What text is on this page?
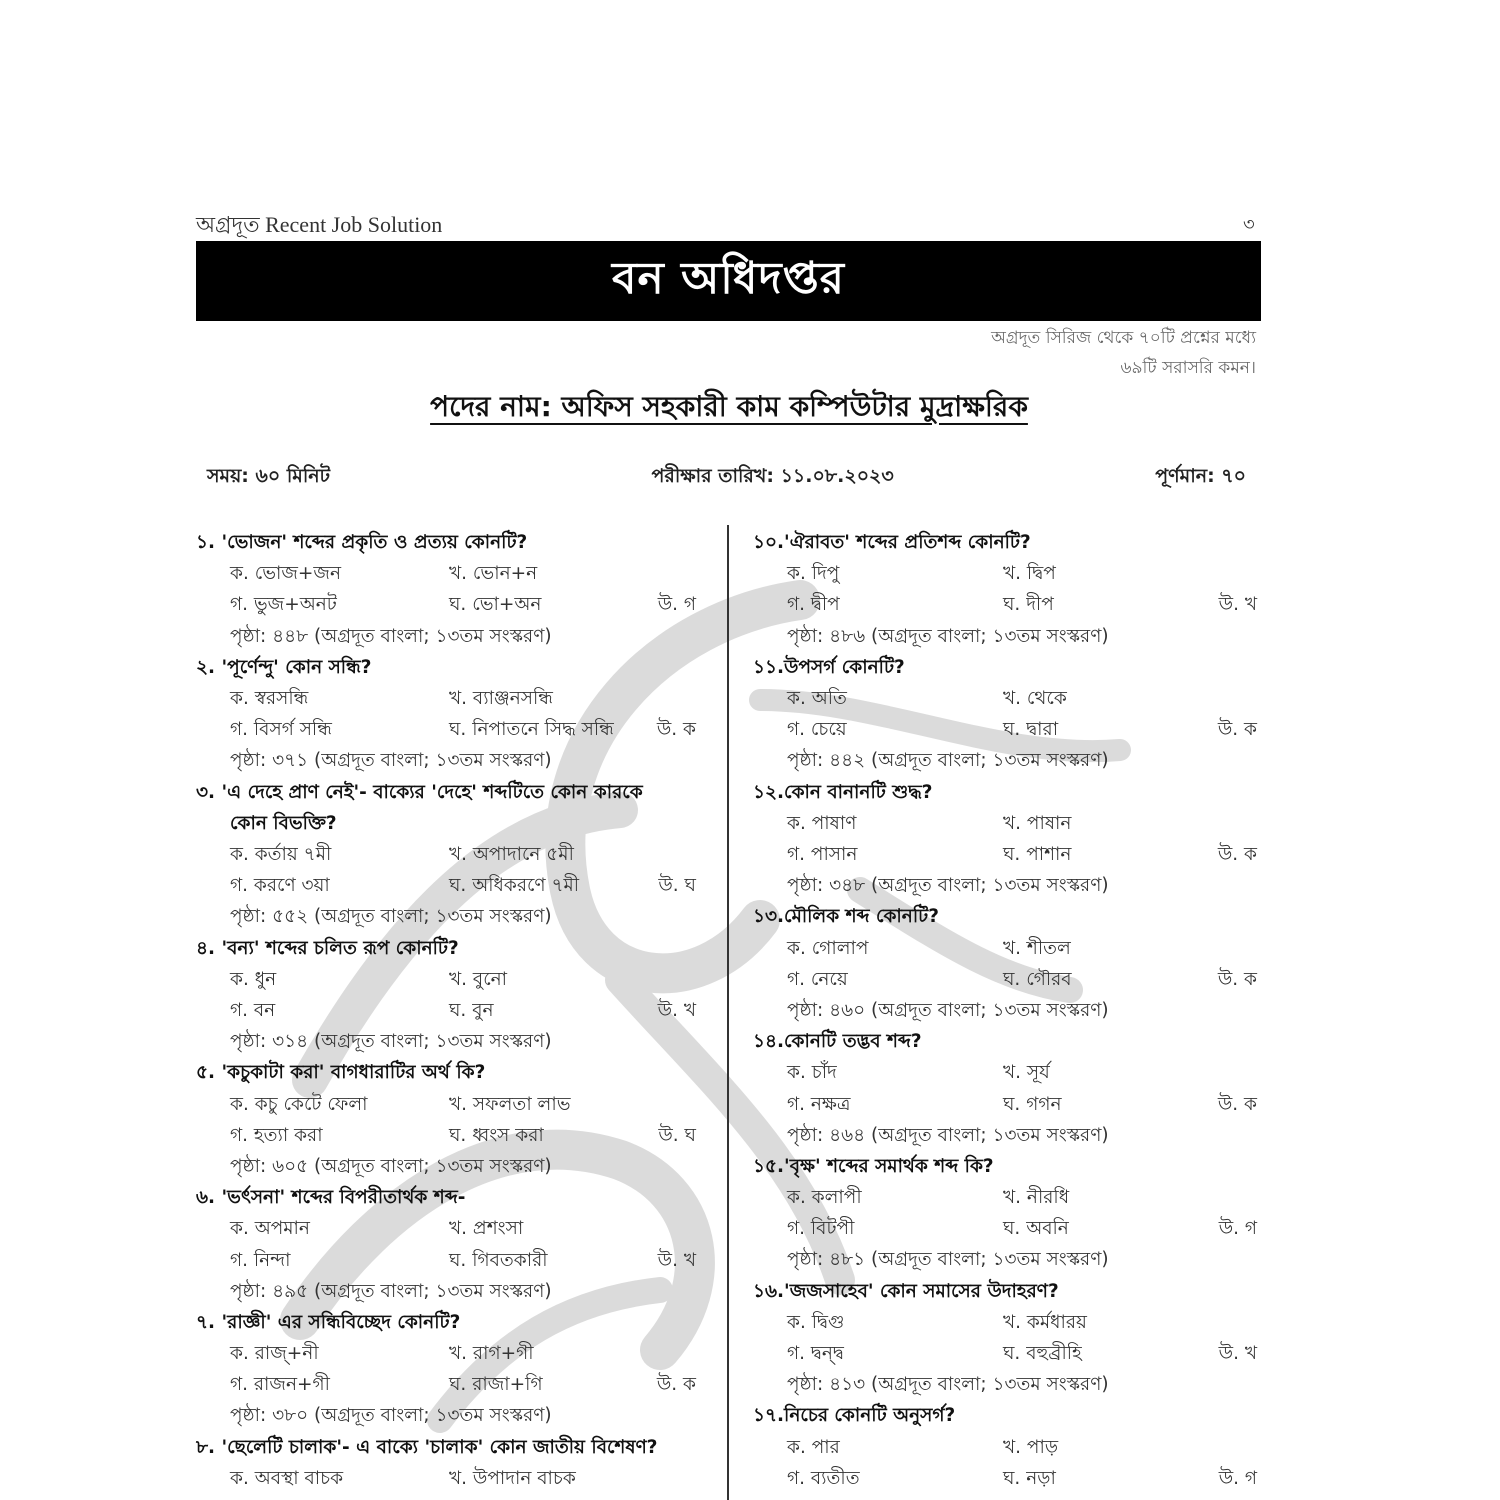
অগ্রদূত Recent Job Solution	৩
বন অধিদপ্তর
অগ্রদূত সিরিজ থেকে ৭০টি প্রশ্নের মধ্যে
৬৯টি সরাসরি কমন।
পদের নাম: অফিস সহকারী কাম কম্পিউটার মুদ্রাক্ষরিক
সময়: ৬০ মিনিট	পরীক্ষার তারিখ: ১১.০৮.২০২৩	পূর্ণমান: ৭০
১. 'ভোজন' শব্দের প্রকৃতি ও প্রত্যয় কোনটি?
ক. ভোজ+জন	খ. ভোন+ন
গ. ভুজ+অনট	ঘ. ভো+অন	উ. গ
পৃষ্ঠা: ৪৪৮ (অগ্রদূত বাংলা; ১৩তম সংস্করণ)
২. 'পূর্ণেন্দু' কোন সন্ধি?
ক. স্বরসন্ধি	খ. ব্যাঞ্জনসন্ধি
গ. বিসর্গ সন্ধি	ঘ. নিপাতনে সিদ্ধ সন্ধি উ. ক
পৃষ্ঠা: ৩৭১ (অগ্রদূত বাংলা; ১৩তম সংস্করণ)
৩. 'এ দেহে প্রাণ নেই'- বাক্যের 'দেহে' শব্দটিতে কোন কারকে
কোন বিভক্তি?
ক. কর্তায় ৭মী	খ. অপাদানে ৫মী
গ. করণে ৩য়া	ঘ. অধিকরণে ৭মী	উ. ঘ
পৃষ্ঠা: ৫৫২ (অগ্রদূত বাংলা; ১৩তম সংস্করণ)
৪. 'বন্য' শব্দের চলিত রূপ কোনটি?
ক. ধুন	খ. বুনো
গ. বন	ঘ. বুন	উ. খ
পৃষ্ঠা: ৩১৪ (অগ্রদূত বাংলা; ১৩তম সংস্করণ)
৫. 'কচুকাটা করা' বাগধারাটির অর্থ কি?
ক. কচু কেটে ফেলা	খ. সফলতা লাভ
গ. হত্যা করা	ঘ. ধ্বংস করা	উ. ঘ
পৃষ্ঠা: ৬০৫ (অগ্রদূত বাংলা; ১৩তম সংস্করণ)
৬. 'ভর্ৎসনা' শব্দের বিপরীতার্থক শব্দ-
ক. অপমান	খ. প্রশংসা
গ. নিন্দা	ঘ. গিবতকারী	উ. খ
পৃষ্ঠা: ৪৯৫ (অগ্রদূত বাংলা; ১৩তম সংস্করণ)
৭. 'রাজ্ঞী' এর সন্ধিবিচ্ছেদ কোনটি?
ক. রাজ্+নী	খ. রাগ+গী
গ. রাজন+গী	ঘ. রাজা+গি	উ. ক
পৃষ্ঠা: ৩৮০ (অগ্রদূত বাংলা; ১৩তম সংস্করণ)
৮. 'ছেলেটি চালাক'- এ বাক্যে 'চালাক' কোন জাতীয় বিশেষণ?
ক. অবস্থা বাচক	খ. উপাদান বাচক
১০.'ঐরাবত' শব্দের প্রতিশব্দ কোনটি?
ক. দিপু	খ. দ্বিপ
গ. দ্বীপ	ঘ. দীপ	উ. খ
পৃষ্ঠা: ৪৮৬ (অগ্রদূত বাংলা; ১৩তম সংস্করণ)
১১.উপসর্গ কোনটি?
ক. অতি	খ. থেকে
গ. চেয়ে	ঘ. দ্বারা	উ. ক
পৃষ্ঠা: ৪৪২ (অগ্রদূত বাংলা; ১৩তম সংস্করণ)
১২.কোন বানানটি শুদ্ধ?
ক. পাষাণ	খ. পাষান
গ. পাসান	ঘ. পাশান	উ. ক
পৃষ্ঠা: ৩৪৮ (অগ্রদূত বাংলা; ১৩তম সংস্করণ)
১৩.মৌলিক শব্দ কোনটি?
ক. গোলাপ	খ. শীতল
গ. নেয়ে	ঘ. গৌরব	উ. ক
পৃষ্ঠা: ৪৬০ (অগ্রদূত বাংলা; ১৩তম সংস্করণ)
১৪.কোনটি তদ্ভব শব্দ?
ক. চাঁদ	খ. সূর্য
গ. নক্ষত্র	ঘ. গগন	উ. ক
পৃষ্ঠা: ৪৬৪ (অগ্রদূত বাংলা; ১৩তম সংস্করণ)
১৫.'বৃক্ষ' শব্দের সমার্থক শব্দ কি?
ক. কলাপী	খ. নীরধি
গ. বিটপী	ঘ. অবনি	উ. গ
পৃষ্ঠা: ৪৮১ (অগ্রদূত বাংলা; ১৩তম সংস্করণ)
১৬.'জজসাহেব' কোন সমাসের উদাহরণ?
ক. দ্বিগু	খ. কর্মধারয়
গ. দ্বন্দ্ব	ঘ. বহুব্রীহি	উ. খ
পৃষ্ঠা: ৪১৩ (অগ্রদূত বাংলা; ১৩তম সংস্করণ)
১৭.নিচের কোনটি অনুসর্গ?
ক. পার	খ. পাড়
গ. ব্যতীত	ঘ. নড়া	উ. গ
